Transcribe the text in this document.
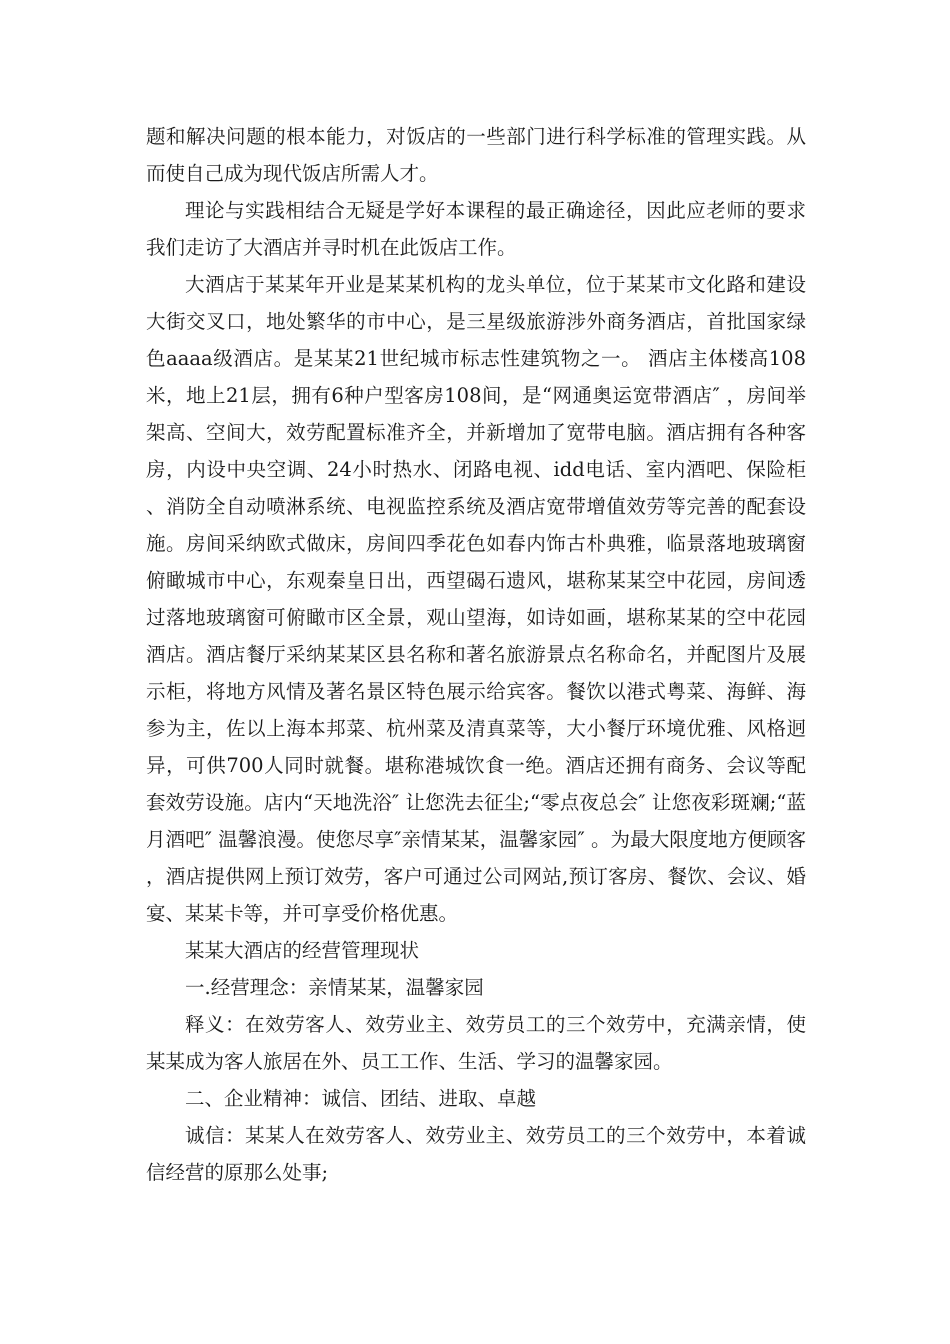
题和解决问题的根本能力，对饭店的一些部门进行科学标准的管理实践。从而使自己成为现代饭店所需人才。

理论与实践相结合无疑是学好本课程的最正确途径，因此应老师的要求我们走访了大酒店并寻时机在此饭店工作。

大酒店于某某年开业是某某机构的龙头单位，位于某某市文化路和建设大街交叉口，地处繁华的市中心，是三星级旅游涉外商务酒店，首批国家绿色aaaa级酒店。是某某21世纪城市标志性建筑物之一。 酒店主体楼高108米，地上21层，拥有6种户型客房108间，是“网通奥运宽带酒店″ ，房间举架高、空间大，效劳配置标准齐全，并新增加了宽带电脑。酒店拥有各种客房，内设中央空调、24小时热水、闭路电视、idd电话、室内酒吧、保险柜、消防全自动喷淋系统、电视监控系统及酒店宽带增值效劳等完善的配套设施。房间采纳欧式做床，房间四季花色如春内饰古朴典雅，临景落地玻璃窗俯瞰城市中心，东观秦皇日出，西望碣石遗风，堪称某某空中花园，房间透过落地玻璃窗可俯瞰市区全景，观山望海，如诗如画，堪称某某的空中花园酒店。酒店餐厅采纳某某区县名称和著名旅游景点名称命名，并配图片及展示柜，将地方风情及著名景区特色展示给宾客。餐饮以港式粤菜、海鲜、海参为主，佐以上海本邦菜、杭州菜及清真菜等，大小餐厅环境优雅、风格迥异，可供700人同时就餐。堪称港城饮食一绝。酒店还拥有商务、会议等配套效劳设施。店内“天地洗浴″ 让您洗去征尘;“零点夜总会″ 让您夜彩斑斓;“蓝月酒吧″ 温馨浪漫。使您尽享″亲情某某，温馨家园″ 。为最大限度地方便顾客，酒店提供网上预订效劳，客户可通过公司网站,预订客房、餐饮、会议、婚宴、某某卡等，并可享受价格优惠。

某某大酒店的经营管理现状

一.经营理念：亲情某某，温馨家园

释义：在效劳客人、效劳业主、效劳员工的三个效劳中，充满亲情，使某某成为客人旅居在外、员工工作、生活、学习的温馨家园。

二、企业精神：诚信、团结、进取、卓越

诚信：某某人在效劳客人、效劳业主、效劳员工的三个效劳中，本着诚信经营的原那么处事;
